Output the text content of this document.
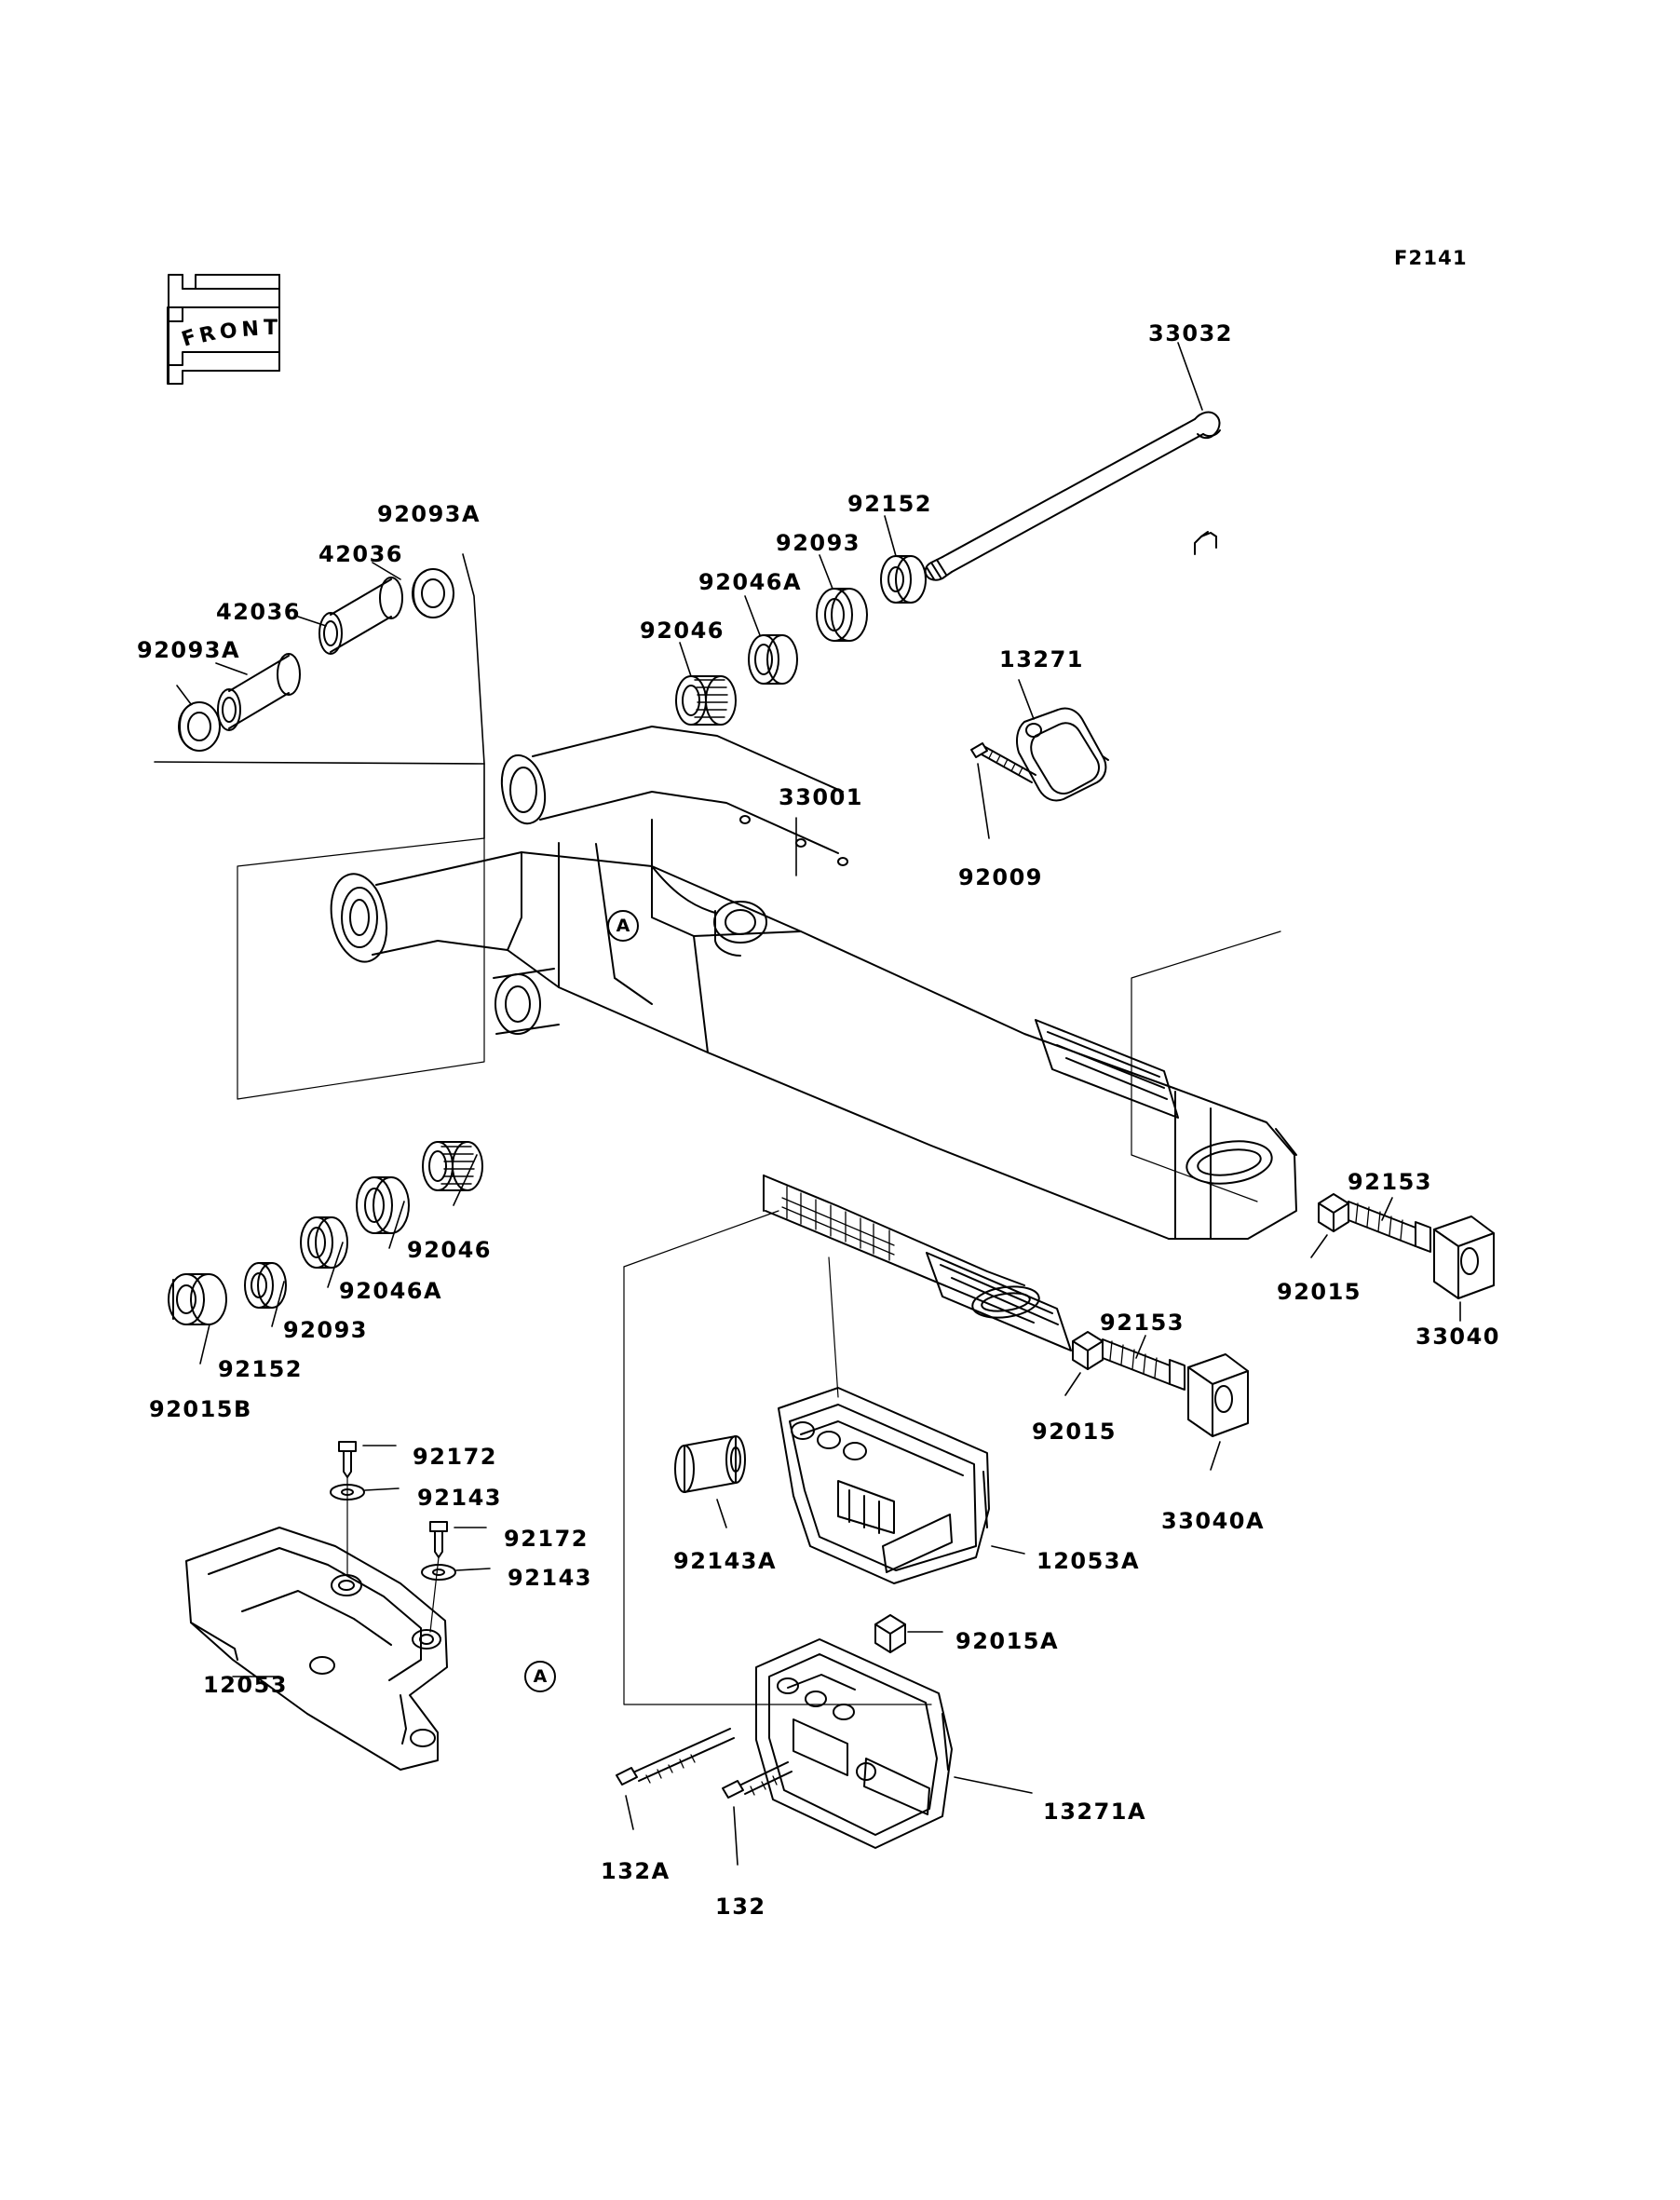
F
R O N T
F2141
33032
92093A
42036
42036
92093A
92152
92093
92046A
92046
13271
33001
92009
92046
92046A
92093
92152
92015B
92153
92015
33040
92153
92015
33040A
92172
92143
92172
92143
92143A	12053A
12053
92015A
13271A
132A
132
A
A
